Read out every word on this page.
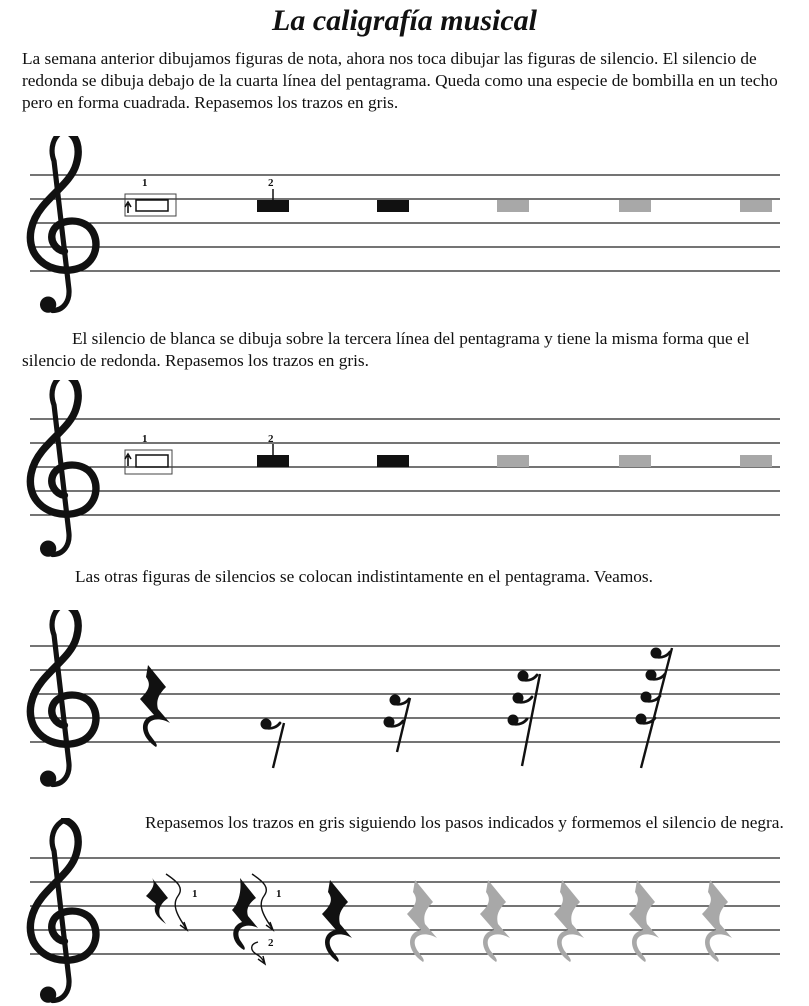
La caligrafía musical

La semana anterior dibujamos figuras de nota, ahora nos toca dibujar las figuras de silencio. El silencio de redonda se dibuja debajo de la cuarta línea del pentagrama. Queda como una especie de bombilla en un techo pero en forma cuadrada. Repasemos los trazos en gris.

1	2

El silencio de blanca se dibuja sobre la tercera línea del pentagrama y tiene la misma forma que el silencio de redonda. Repasemos los trazos en gris.

1	2

Las otras figuras de silencios se colocan indistintamente en el pentagrama. Veamos.

Repasemos los trazos en gris siguiendo los pasos indicados y formemos el silencio de negra.

1	1
2
